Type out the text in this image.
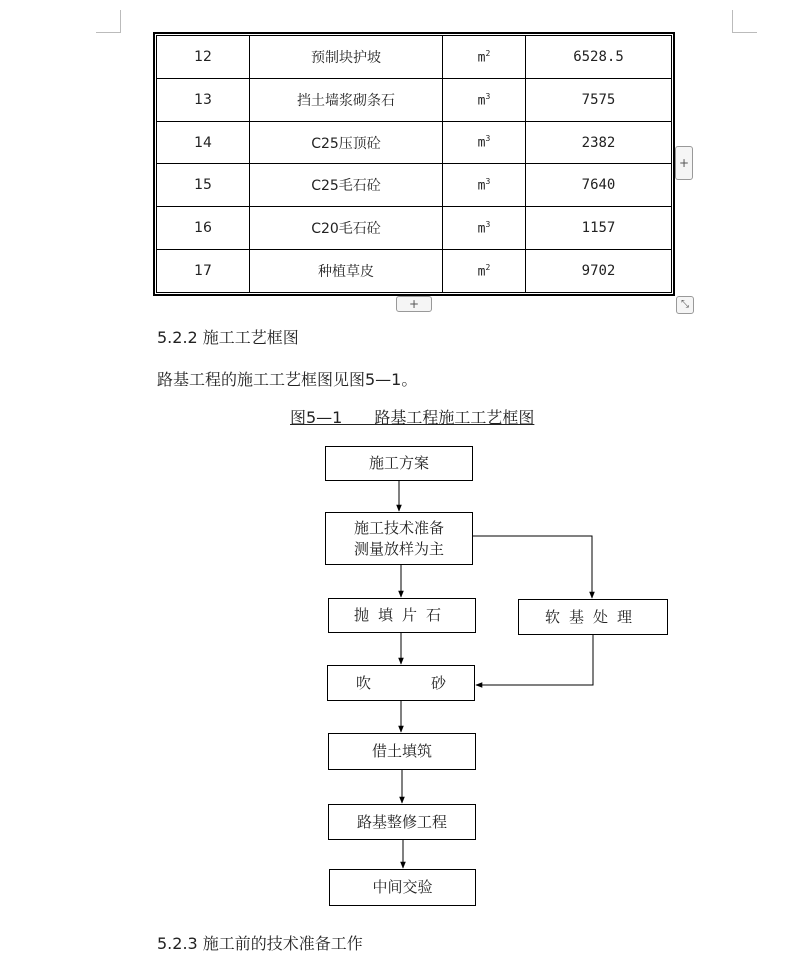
12	预制块护坡	$m^2$	6528.5
13	挡土墙浆砌条石	$m^3$	7575
14	C25压顶砼	$m^3$	2382
15	C25毛石砼	$m^3$	7640
16	C20毛石砼	$m^3$	1157
17	种植草皮	$m^2$	9702
+
+	⤡
5.2.2 施工工艺框图
路基工程的施工工艺框图见图5—1。
图5—1　　路基工程施工工艺框图
施工方案
施工技术准备
测量放样为主
抛填片石	软基处理
吹	砂
借土填筑
路基整修工程
中间交验
5.2.3 施工前的技术准备工作
